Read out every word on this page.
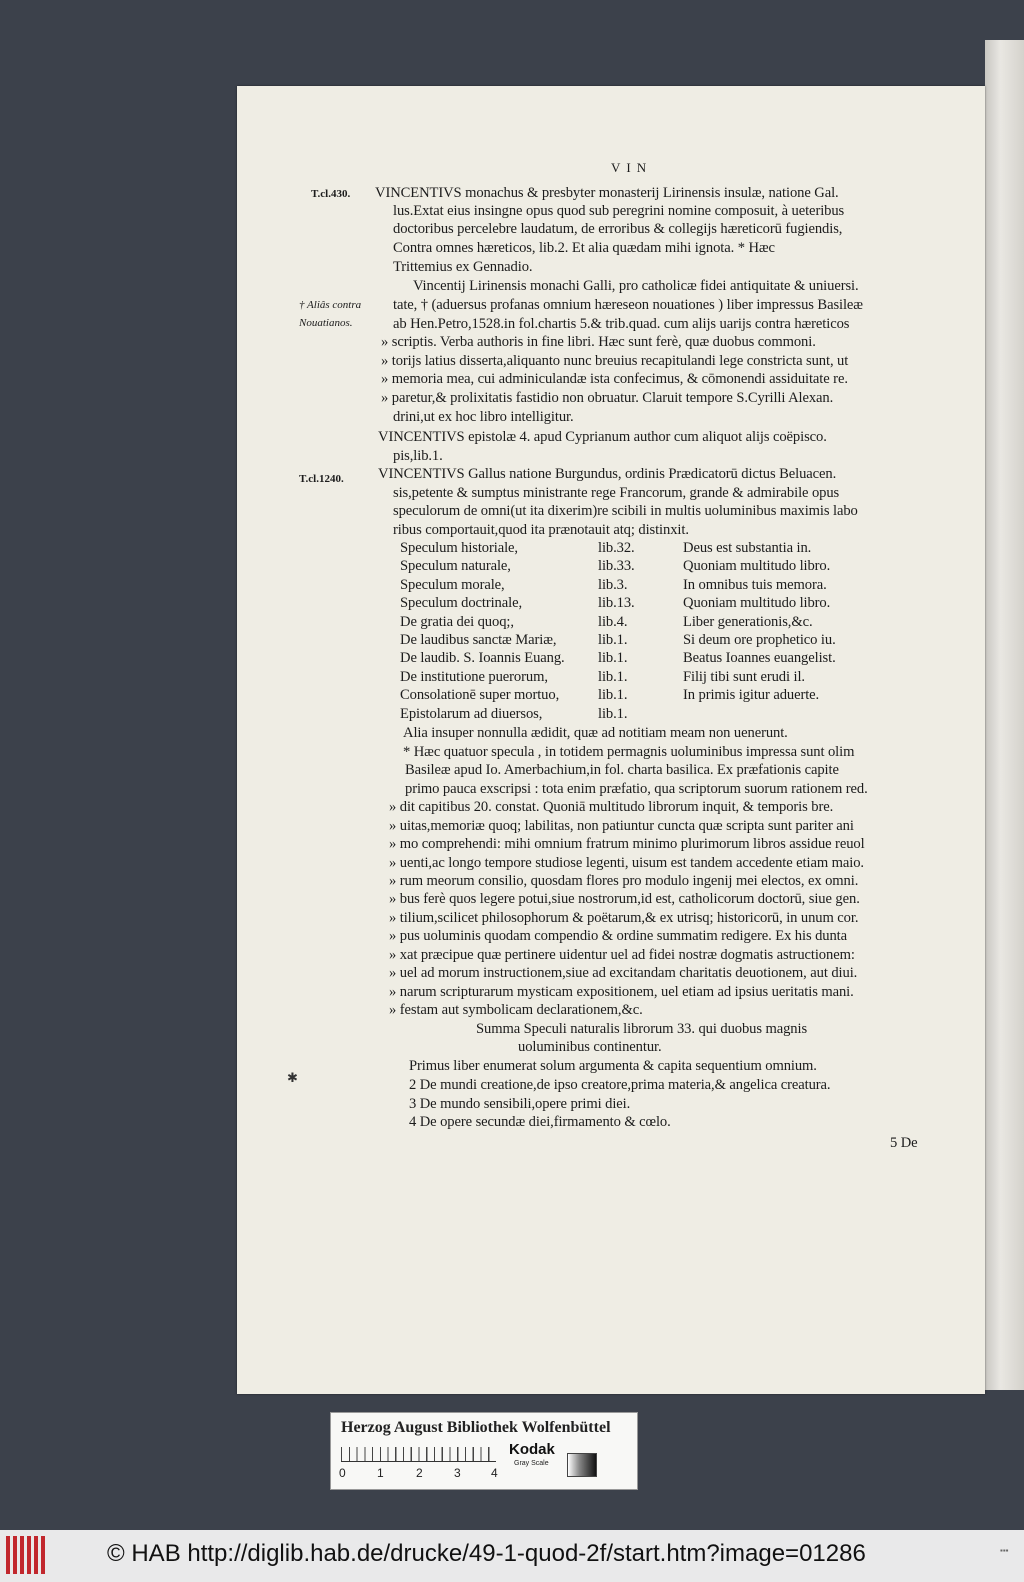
VIN
T.cl.430.
† Aliâs contra
Nouatianos.
T.cl.1240.
✱
VINCENTIVS monachus & presbyter monasterij Lirinensis insulæ, natione Gal.
lus.Extat eius insingne opus quod sub peregrini nomine composuit, à ueteribus
doctoribus percelebre laudatum, de erroribus & collegijs hæreticorū fugiendis,
Contra omnes hæreticos, lib.2. Et alia quædam mihi ignota. * Hæc
Trittemius ex Gennadio.
Vincentij Lirinensis monachi Galli, pro catholicæ fidei antiquitate & uniuersi.
tate, † (aduersus profanas omnium hæreseon nouationes ) liber impressus Basileæ
ab Hen.Petro,1528.in fol.chartis 5.& trib.quad. cum alijs uarijs contra hæreticos
» scriptis. Verba authoris in fine libri. Hæc sunt ferè, quæ duobus commoni.
» torijs latius disserta,aliquanto nunc breuius recapitulandi lege constricta sunt, ut
» memoria mea, cui adminiculandæ ista confecimus, & cōmonendi assiduitate re.
» paretur,& prolixitatis fastidio non obruatur. Claruit tempore S.Cyrilli Alexan.
drini,ut ex hoc libro intelligitur.
VINCENTIVS epistolæ 4. apud Cyprianum author cum aliquot alijs coëpisco.
pis,lib.1.
VINCENTIVS Gallus natione Burgundus, ordinis Prædicatorū dictus Beluacen.
sis,petente & sumptus ministrante rege Francorum, grande & admirabile opus
speculorum de omni(ut ita dixerim)re scibili in multis uoluminibus maximis labo
ribus comportauit,quod ita prænotauit atq; distinxit.
Speculum historiale,	lib.32.	Deus est substantia in.
Speculum naturale,	lib.33.	Quoniam multitudo libro.
Speculum morale,	lib.3.	In omnibus tuis memora.
Speculum doctrinale,	lib.13.	Quoniam multitudo libro.
De gratia dei quoq;,	lib.4.	Liber generationis,&c.
De laudibus sanctæ Mariæ,	lib.1.	Si deum ore prophetico iu.
De laudib. S. Ioannis Euang. lib.1.	Beatus Ioannes euangelist.
De institutione puerorum,	lib.1.	Filij tibi sunt erudi il.
Consolationē super mortuo,	lib.1.	In primis igitur aduerte.
Epistolarum ad diuersos,	lib.1.
Alia insuper nonnulla ædidit, quæ ad notitiam meam non uenerunt.
* Hæc quatuor specula , in totidem permagnis uoluminibus impressa sunt olim
Basileæ apud Io. Amerbachium,in fol. charta basilica. Ex præfationis capite
primo pauca exscripsi : tota enim præfatio, qua scriptorum suorum rationem red.
» dit capitibus 20. constat. Quoniā multitudo librorum inquit, & temporis bre.
» uitas,memoriæ quoq; labilitas, non patiuntur cuncta quæ scripta sunt pariter ani
» mo comprehendi: mihi omnium fratrum minimo plurimorum libros assidue reuol
» uenti,ac longo tempore studiose legenti, uisum est tandem accedente etiam maio.
» rum meorum consilio, quosdam flores pro modulo ingenij mei electos, ex omni.
» bus ferè quos legere potui,siue nostrorum,id est, catholicorum doctorū, siue gen.
» tilium,scilicet philosophorum & poëtarum,& ex utrisq; historicorū, in unum cor.
» pus uoluminis quodam compendio & ordine summatim redigere. Ex his dunta
» xat præcipue quæ pertinere uidentur uel ad fidei nostræ dogmatis astructionem:
» uel ad morum instructionem,siue ad excitandam charitatis deuotionem, aut diui.
» narum scripturarum mysticam expositionem, uel etiam ad ipsius ueritatis mani.
» festam aut symbolicam declarationem,&c.
Summa Speculi naturalis librorum 33. qui duobus magnis
uoluminibus continentur.
Primus liber enumerat solum argumenta & capita sequentium omnium.
2 De mundi creatione,de ipso creatore,prima materia,& angelica creatura.
3 De mundo sensibili,opere primi diei.
4 De opere secundæ diei,firmamento & cœlo.
5 De
Herzog August Bibliothek Wolfenbüttel
0	1	2	3	4
Kodak
Gray Scale
© HAB http://diglib.hab.de/drucke/49-1-quod-2f/start.htm?image=01286	▪▪▪
